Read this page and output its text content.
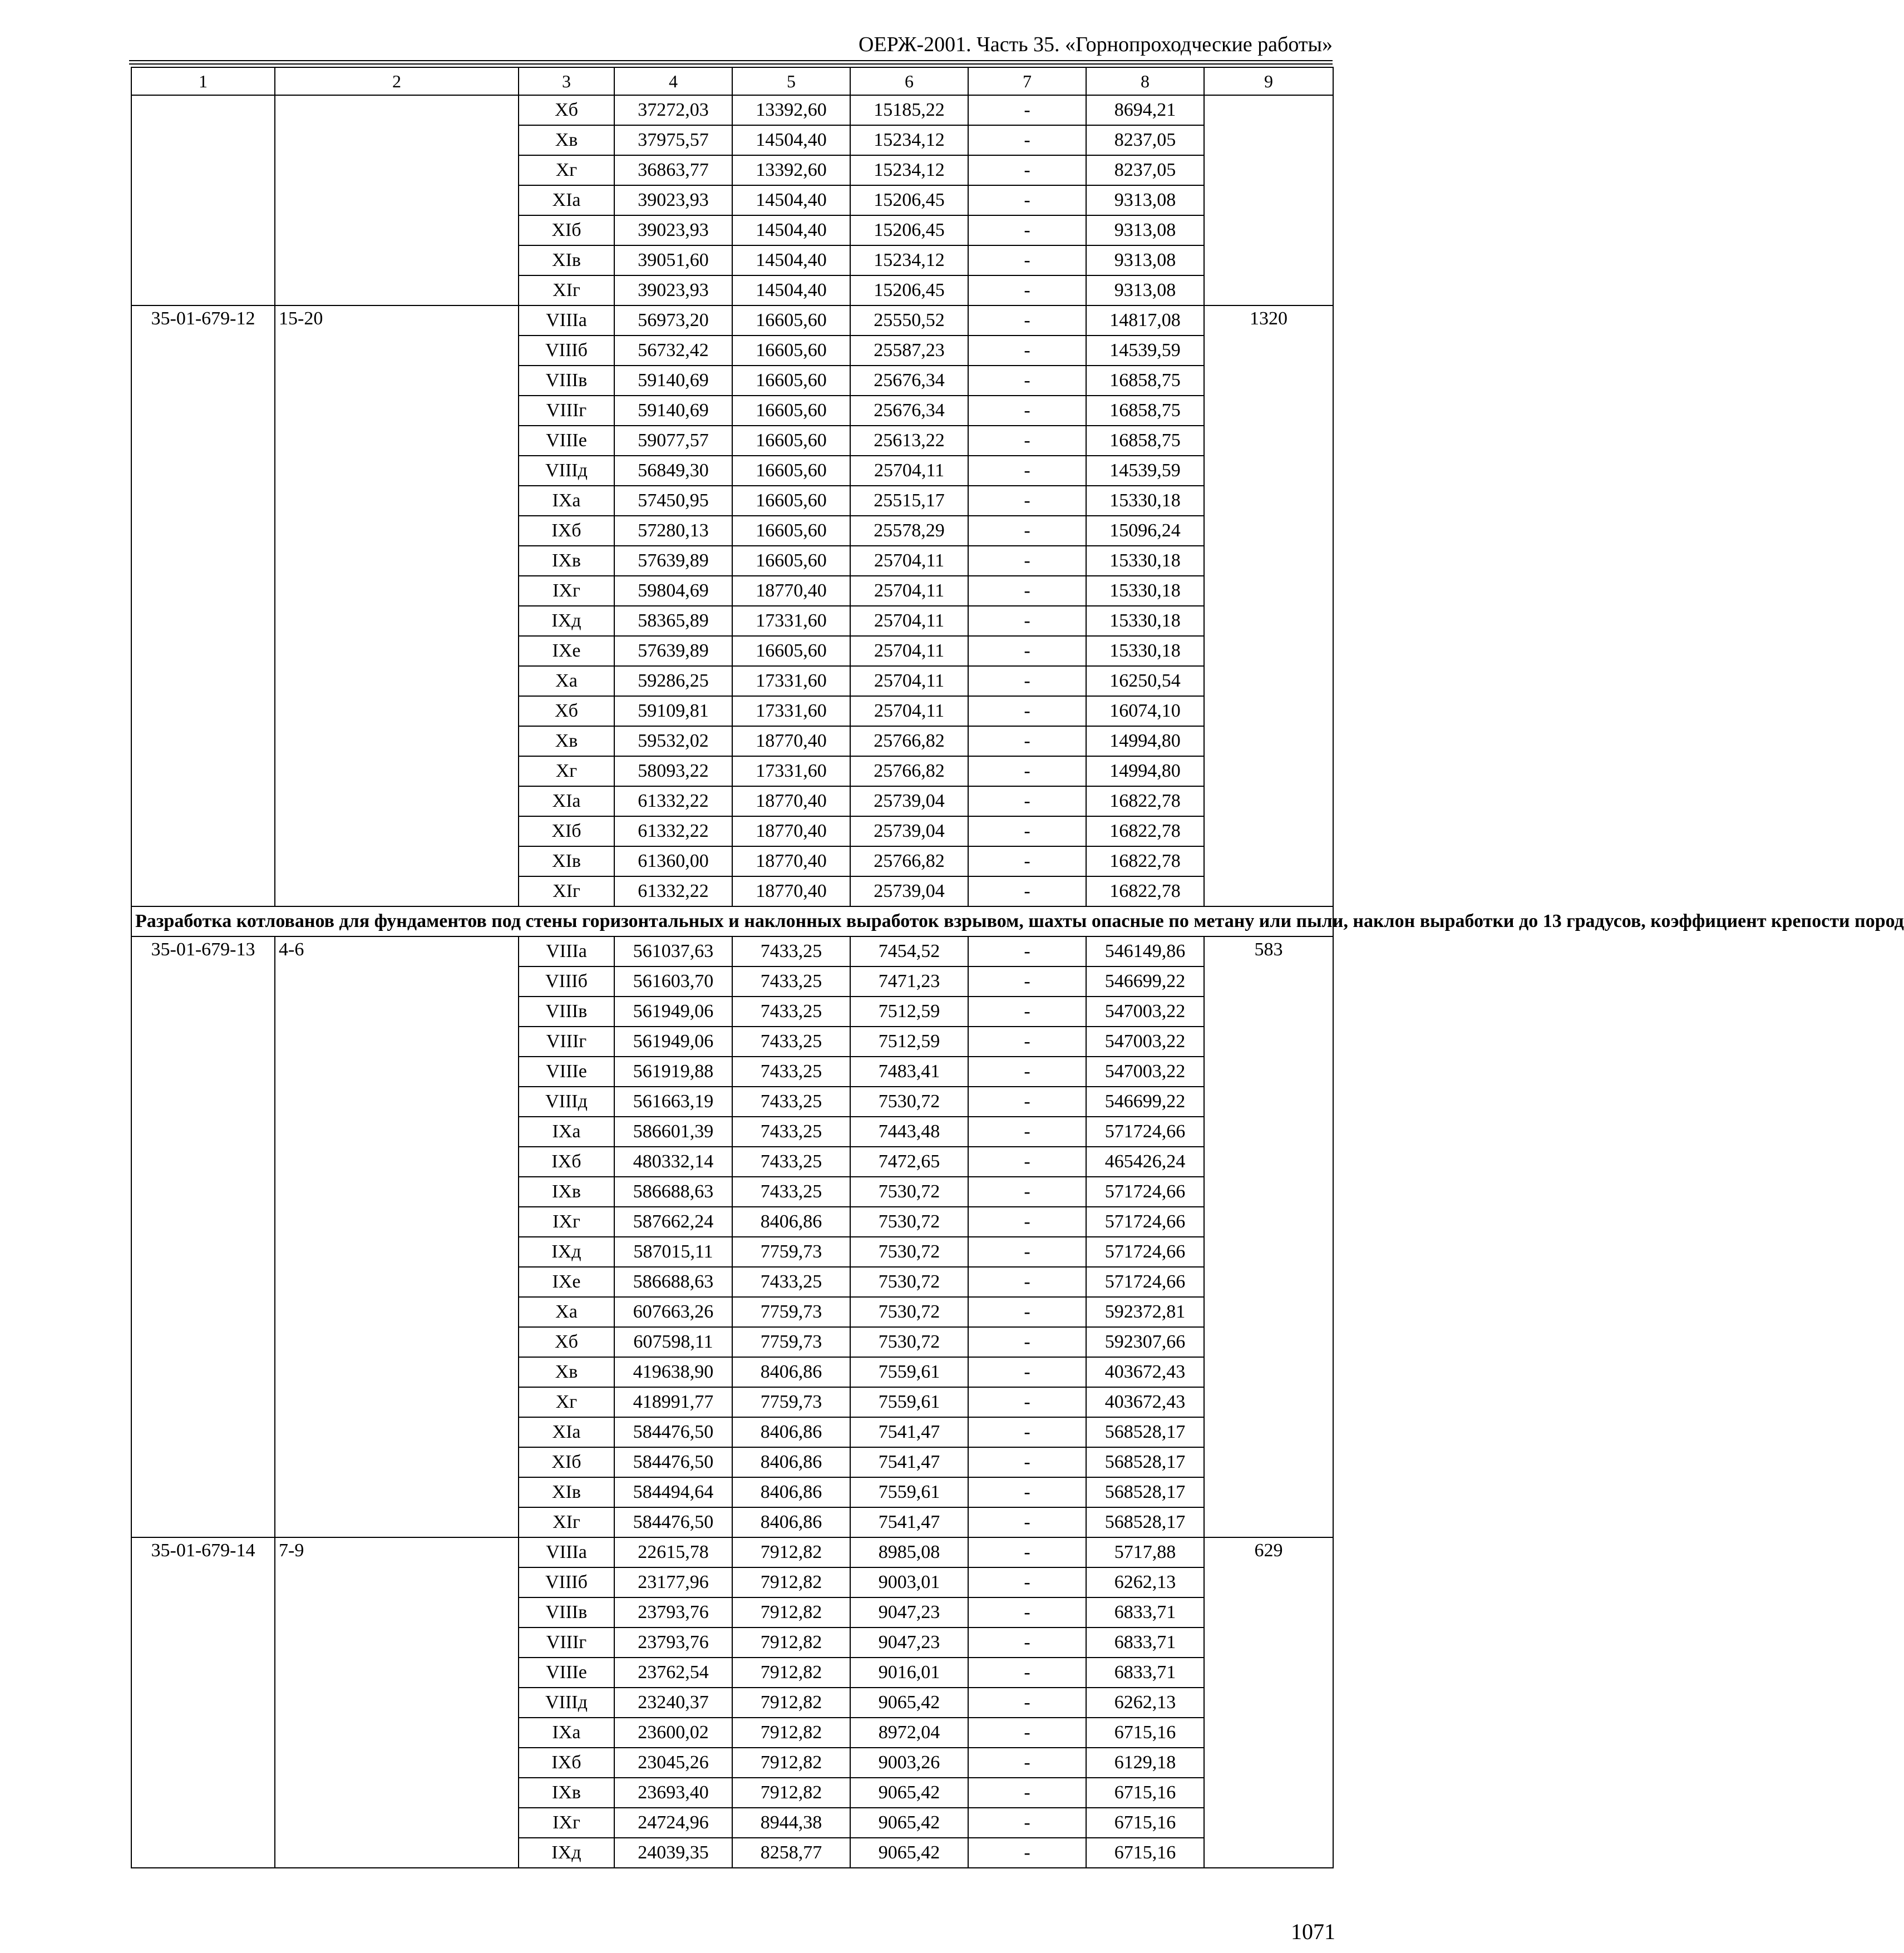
ОЕРЖ-2001. Часть 35. «Горнопроходческие работы»
1	2	3	4	5	6	7	8	9
		Xб	37272,03	13392,60	15185,22	-	8694,21	
		Xв	37975,57	14504,40	15234,12	-	8237,05	
		Xг	36863,77	13392,60	15234,12	-	8237,05	
		XIа	39023,93	14504,40	15206,45	-	9313,08	
		XIб	39023,93	14504,40	15206,45	-	9313,08	
		XIв	39051,60	14504,40	15234,12	-	9313,08	
		XIг	39023,93	14504,40	15206,45	-	9313,08	
35-01-679-12	15-20	VIIIа	56973,20	16605,60	25550,52	-	14817,08	1320
		VIIIб	56732,42	16605,60	25587,23	-	14539,59	
		VIIIв	59140,69	16605,60	25676,34	-	16858,75	
		VIIIг	59140,69	16605,60	25676,34	-	16858,75	
		VIIIе	59077,57	16605,60	25613,22	-	16858,75	
		VIIIд	56849,30	16605,60	25704,11	-	14539,59	
		IXа	57450,95	16605,60	25515,17	-	15330,18	
		IXб	57280,13	16605,60	25578,29	-	15096,24	
		IXв	57639,89	16605,60	25704,11	-	15330,18	
		IXг	59804,69	18770,40	25704,11	-	15330,18	
		IXд	58365,89	17331,60	25704,11	-	15330,18	
		IXе	57639,89	16605,60	25704,11	-	15330,18	
		Xа	59286,25	17331,60	25704,11	-	16250,54	
		Xб	59109,81	17331,60	25704,11	-	16074,10	
		Xв	59532,02	18770,40	25766,82	-	14994,80	
		Xг	58093,22	17331,60	25766,82	-	14994,80	
		XIа	61332,22	18770,40	25739,04	-	16822,78	
		XIб	61332,22	18770,40	25739,04	-	16822,78	
		XIв	61360,00	18770,40	25766,82	-	16822,78	
		XIг	61332,22	18770,40	25739,04	-	16822,78	
Разработка котлованов для фундаментов под стены горизонтальных и наклонных выработок взрывом, шахты опасные по метану или пыли, наклон выработки до 13 градусов, коэффициент крепости пород								
35-01-679-13	4-6	VIIIа	561037,63	7433,25	7454,52	-	546149,86	583
		VIIIб	561603,70	7433,25	7471,23	-	546699,22	
		VIIIв	561949,06	7433,25	7512,59	-	547003,22	
		VIIIг	561949,06	7433,25	7512,59	-	547003,22	
		VIIIе	561919,88	7433,25	7483,41	-	547003,22	
		VIIIд	561663,19	7433,25	7530,72	-	546699,22	
		IXа	586601,39	7433,25	7443,48	-	571724,66	
		IXб	480332,14	7433,25	7472,65	-	465426,24	
		IXв	586688,63	7433,25	7530,72	-	571724,66	
		IXг	587662,24	8406,86	7530,72	-	571724,66	
		IXд	587015,11	7759,73	7530,72	-	571724,66	
		IXе	586688,63	7433,25	7530,72	-	571724,66	
		Xа	607663,26	7759,73	7530,72	-	592372,81	
		Xб	607598,11	7759,73	7530,72	-	592307,66	
		Xв	419638,90	8406,86	7559,61	-	403672,43	
		Xг	418991,77	7759,73	7559,61	-	403672,43	
		XIа	584476,50	8406,86	7541,47	-	568528,17	
		XIб	584476,50	8406,86	7541,47	-	568528,17	
		XIв	584494,64	8406,86	7559,61	-	568528,17	
		XIг	584476,50	8406,86	7541,47	-	568528,17	
35-01-679-14	7-9	VIIIа	22615,78	7912,82	8985,08	-	5717,88	629
		VIIIб	23177,96	7912,82	9003,01	-	6262,13	
		VIIIв	23793,76	7912,82	9047,23	-	6833,71	
		VIIIг	23793,76	7912,82	9047,23	-	6833,71	
		VIIIе	23762,54	7912,82	9016,01	-	6833,71	
		VIIIд	23240,37	7912,82	9065,42	-	6262,13	
		IXа	23600,02	7912,82	8972,04	-	6715,16	
		IXб	23045,26	7912,82	9003,26	-	6129,18	
		IXв	23693,40	7912,82	9065,42	-	6715,16	
		IXг	24724,96	8944,38	9065,42	-	6715,16	
		IXд	24039,35	8258,77	9065,42	-	6715,16	
1071
